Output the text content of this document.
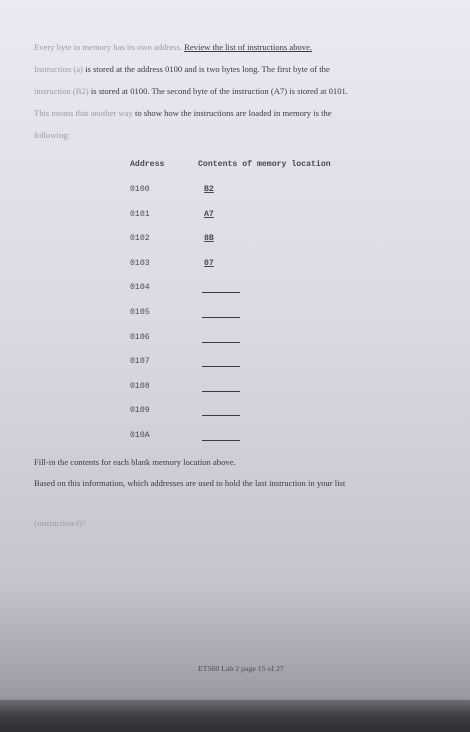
Every byte in memory has its own address. Review the list of instructions above.

Instruction (a) is stored at the address 0100 and is two bytes long. The first byte of the

instruction (B2) is stored at 0100. The second byte of the instruction (A7) is stored at 0101.

This means that another way to show how the instructions are loaded in memory is the

following:

Address	Contents of memory location
0100	B2
0101	A7
0102	8B
0103	07
0104
0105
0106
0107
0108
0109
010A
Fill-in the contents for each blank memory location above.
Based on this information, which addresses are used to hold the last instruction in your list
(instruction-f)?
ET560 Lab 2 page 15 of 27
